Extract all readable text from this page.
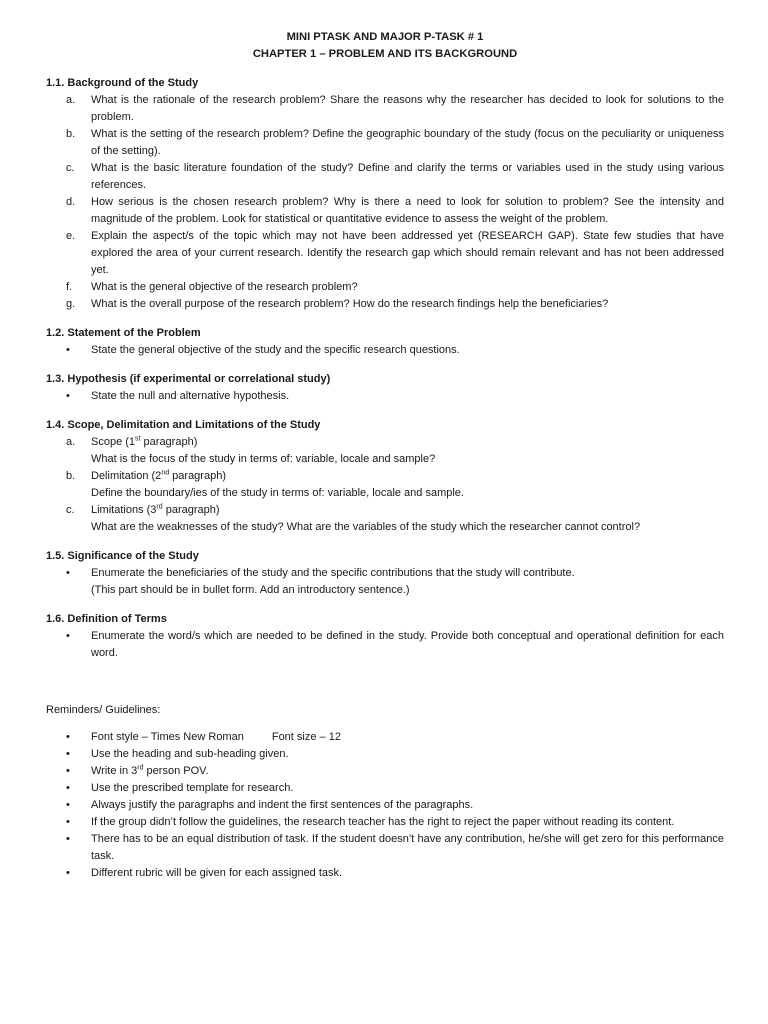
MINI PTASK AND MAJOR P-TASK # 1
CHAPTER 1 – PROBLEM AND ITS BACKGROUND
1.1. Background of the Study
a.	What is the rationale of the research problem? Share the reasons why the researcher has decided to look for solutions to the problem.
b.	What is the setting of the research problem? Define the geographic boundary of the study (focus on the peculiarity or uniqueness of the setting).
c.	What is the basic literature foundation of the study? Define and clarify the terms or variables used in the study using various references.
d.	How serious is the chosen research problem? Why is there a need to look for solution to problem? See the intensity and magnitude of the problem. Look for statistical or quantitative evidence to assess the weight of the problem.
e.	Explain the aspect/s of the topic which may not have been addressed yet (RESEARCH GAP). State few studies that have explored the area of your current research. Identify the research gap which should remain relevant and has not been addressed yet.
f.	What is the general objective of the research problem?
g.	What is the overall purpose of the research problem? How do the research findings help the beneficiaries?
1.2. Statement of the Problem
•	State the general objective of the study and the specific research questions.
1.3. Hypothesis (if experimental or correlational study)
•	State the null and alternative hypothesis.
1.4. Scope, Delimitation and Limitations of the Study
a.	Scope (1st paragraph)
What is the focus of the study in terms of: variable, locale and sample?
b.	Delimitation (2nd paragraph)
Define the boundary/ies of the study in terms of: variable, locale and sample.
c.	Limitations (3rd paragraph)
What are the weaknesses of the study? What are the variables of the study which the researcher cannot control?
1.5. Significance of the Study
•	Enumerate the beneficiaries of the study and the specific contributions that the study will contribute.
(This part should be in bullet form. Add an introductory sentence.)
1.6. Definition of Terms
•	Enumerate the word/s which are needed to be defined in the study. Provide both conceptual and operational definition for each word.
Reminders/ Guidelines:
•	Font style – Times New Roman	Font size – 12
•	Use the heading and sub-heading given.
•	Write in 3rd person POV.
•	Use the prescribed template for research.
•	Always justify the paragraphs and indent the first sentences of the paragraphs.
•	If the group didn’t follow the guidelines, the research teacher has the right to reject the paper without reading its content.
•	There has to be an equal distribution of task. If the student doesn’t have any contribution, he/she will get zero for this performance task.
•	Different rubric will be given for each assigned task.
